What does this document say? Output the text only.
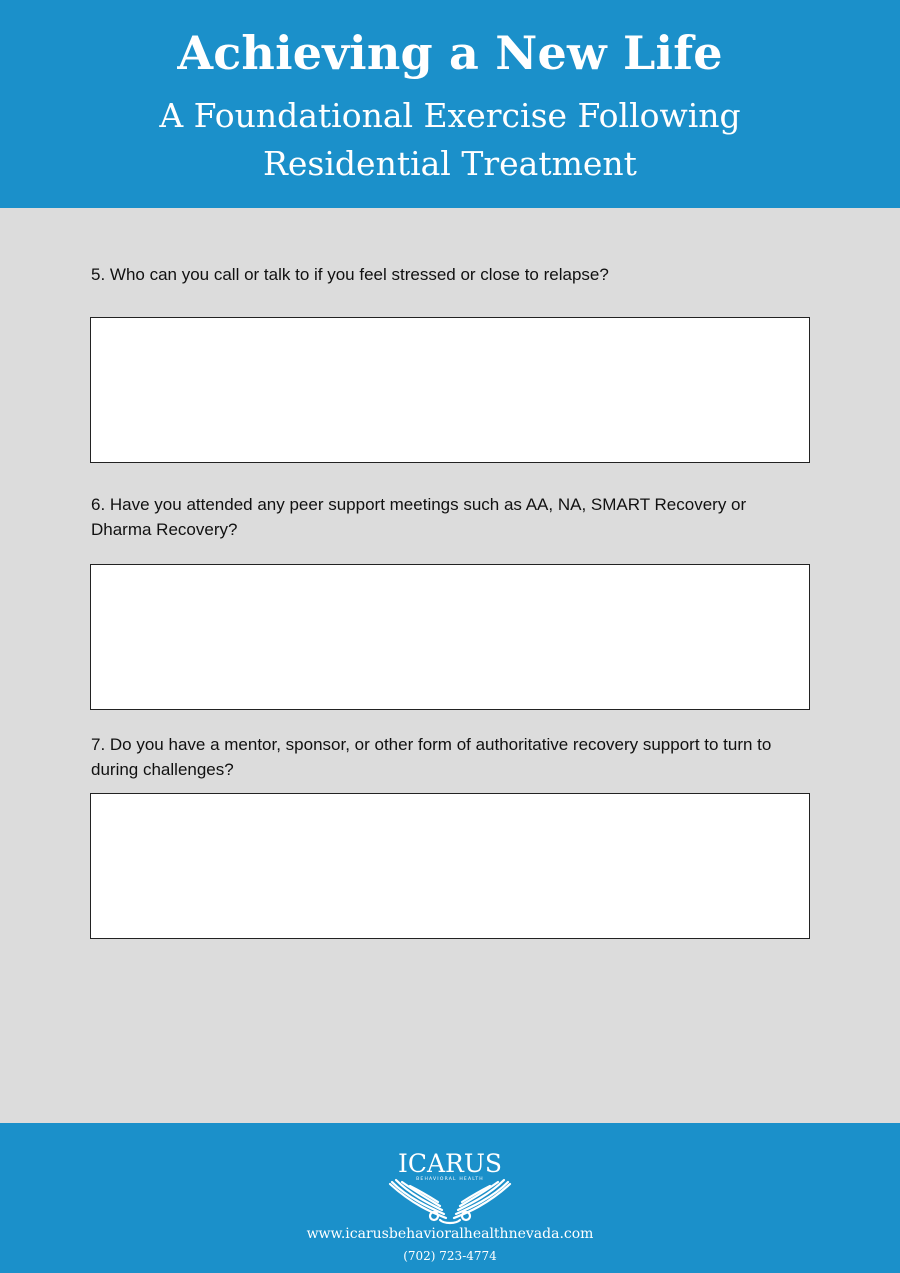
Achieving a New Life
A Foundational Exercise Following Residential Treatment
5. Who can you call or talk to if you feel stressed or close to relapse?
6. Have you attended any peer support meetings such as AA, NA, SMART Recovery or Dharma Recovery?
7. Do you have a mentor, sponsor, or other form of authoritative recovery support to turn to during challenges?
ICARUS
BEHAVIORAL HEALTH
www.icarusbehavioralhealthnevada.com
(702) 723-4774
